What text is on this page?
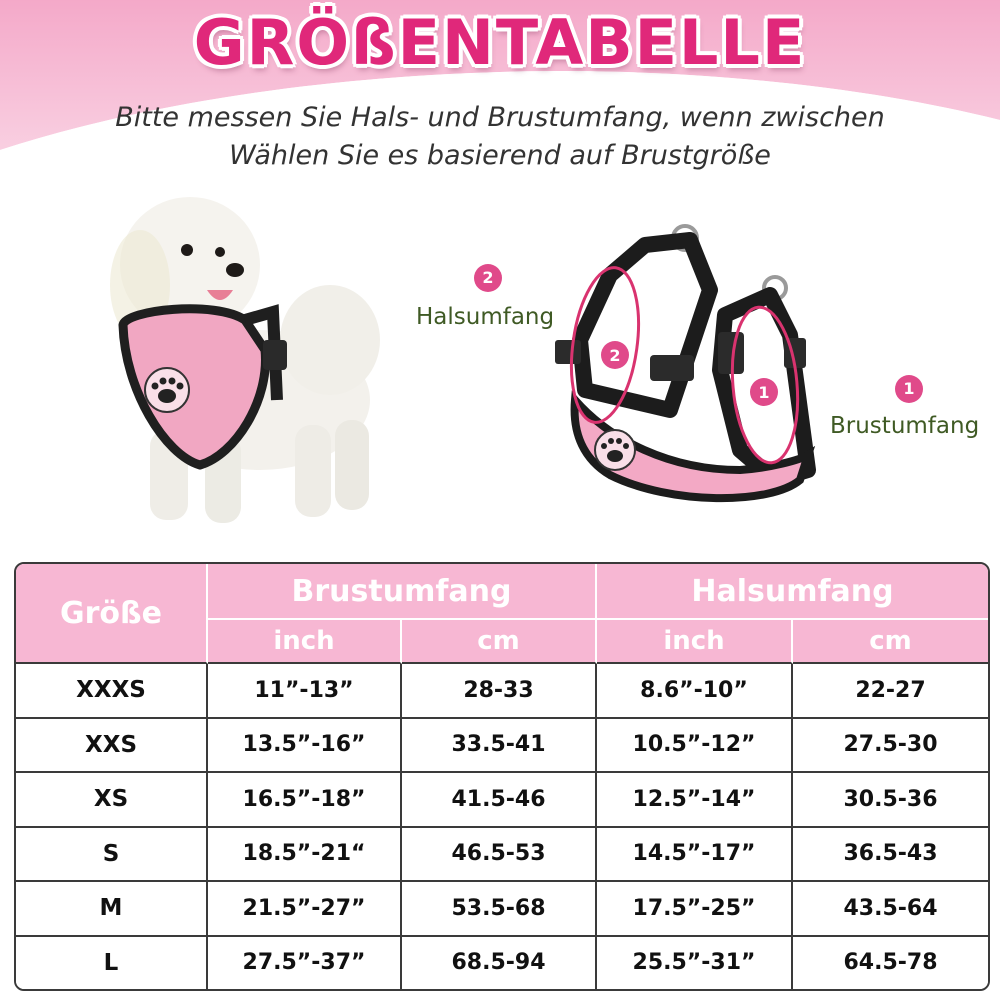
GRÖßENTABELLE
Bitte messen Sie Hals- und Brustumfang, wenn zwischen
Wählen Sie es basierend auf Brustgröße
2
Halsumfang
1
Brustumfang
2
1
Größe	Brustumfang		Halsumfang	
	inch	cm	inch	cm
XXXS	11”-13”	28-33	8.6”-10”	22-27
XXS	13.5”-16”	33.5-41	10.5”-12”	27.5-30
XS	16.5”-18”	41.5-46	12.5”-14”	30.5-36
S	18.5”-21“	46.5-53	14.5”-17”	36.5-43
M	21.5”-27”	53.5-68	17.5”-25”	43.5-64
L	27.5”-37”	68.5-94	25.5”-31”	64.5-78
